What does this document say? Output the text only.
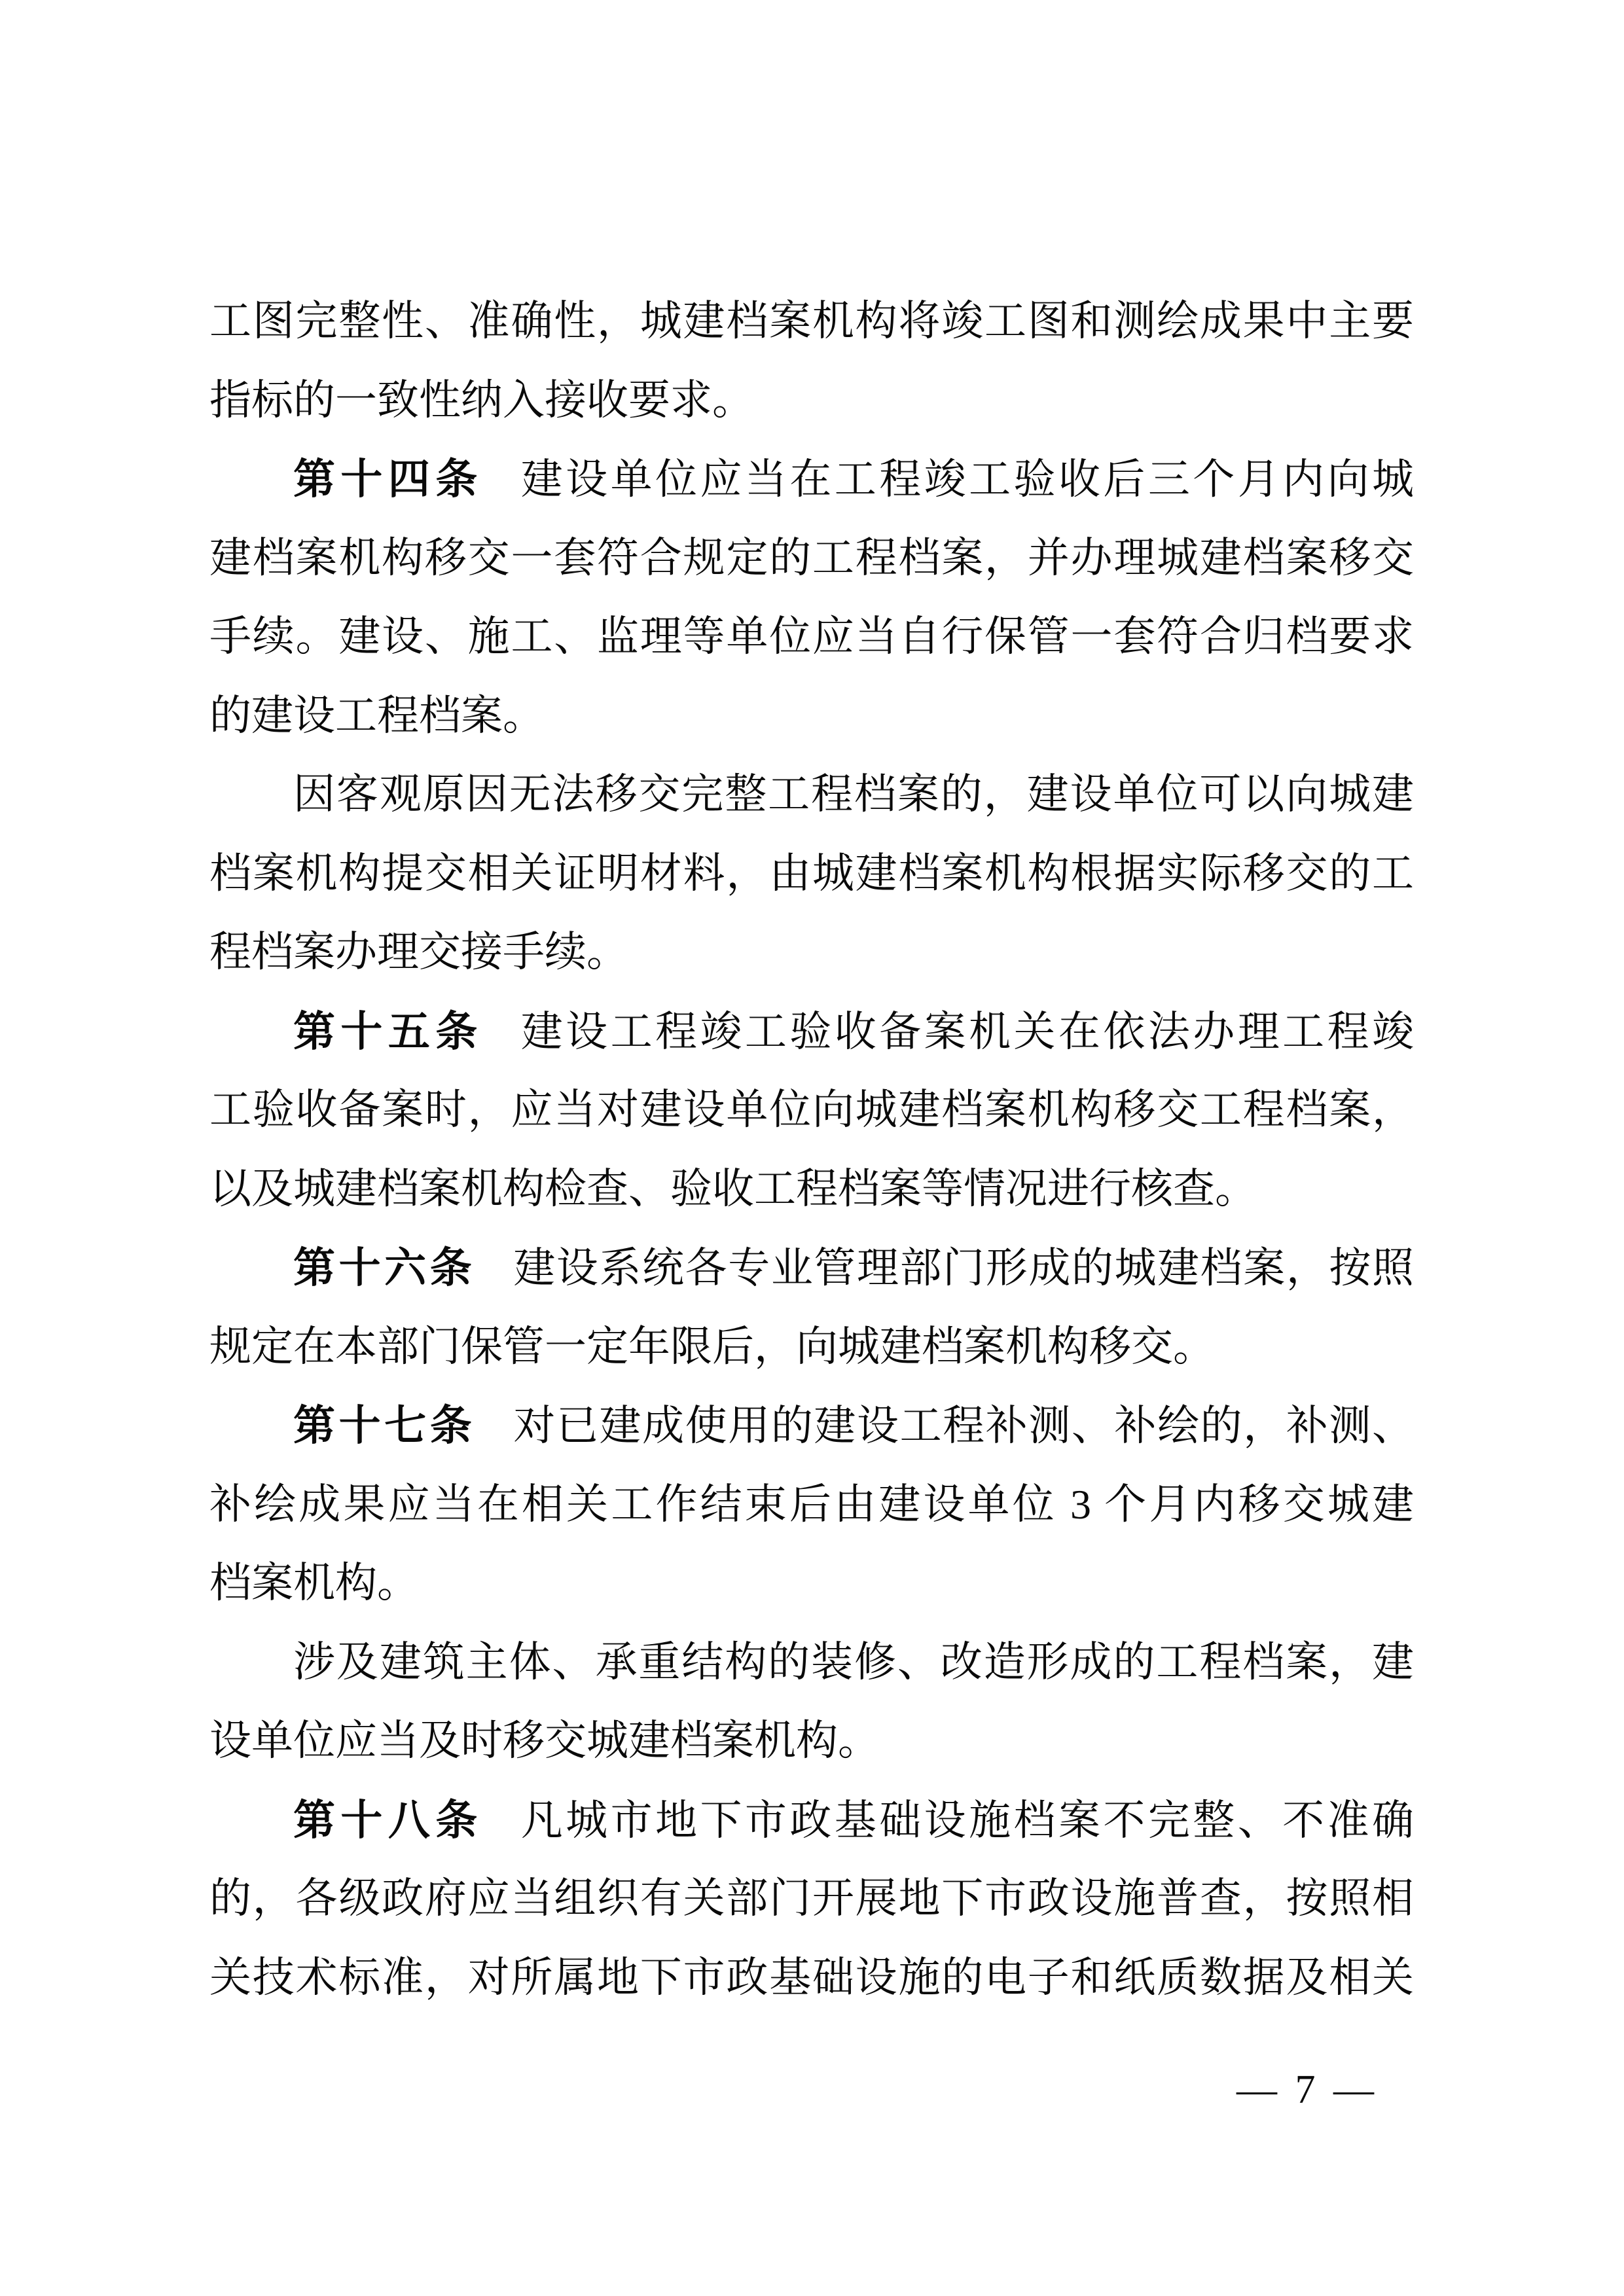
工图完整性、准确性，城建档案机构将竣工图和测绘成果中主要
指标的一致性纳入接收要求。
第十四条 建设单位应当在工程竣工验收后三个月内向城
建档案机构移交一套符合规定的工程档案，并办理城建档案移交
手续。建设、施工、监理等单位应当自行保管一套符合归档要求
的建设工程档案。
因客观原因无法移交完整工程档案的，建设单位可以向城建
档案机构提交相关证明材料，由城建档案机构根据实际移交的工
程档案办理交接手续。
第十五条 建设工程竣工验收备案机关在依法办理工程竣
工验收备案时，应当对建设单位向城建档案机构移交工程档案，
以及城建档案机构检查、验收工程档案等情况进行核查。
第十六条 建设系统各专业管理部门形成的城建档案，按照
规定在本部门保管一定年限后，向城建档案机构移交。
第十七条 对已建成使用的建设工程补测、补绘的，补测、
补绘成果应当在相关工作结束后由建设单位 3 个月内移交城建
档案机构。
涉及建筑主体、承重结构的装修、改造形成的工程档案，建
设单位应当及时移交城建档案机构。
第十八条 凡城市地下市政基础设施档案不完整、不准确
的，各级政府应当组织有关部门开展地下市政设施普查，按照相
关技术标准，对所属地下市政基础设施的电子和纸质数据及相关
— 7 —
